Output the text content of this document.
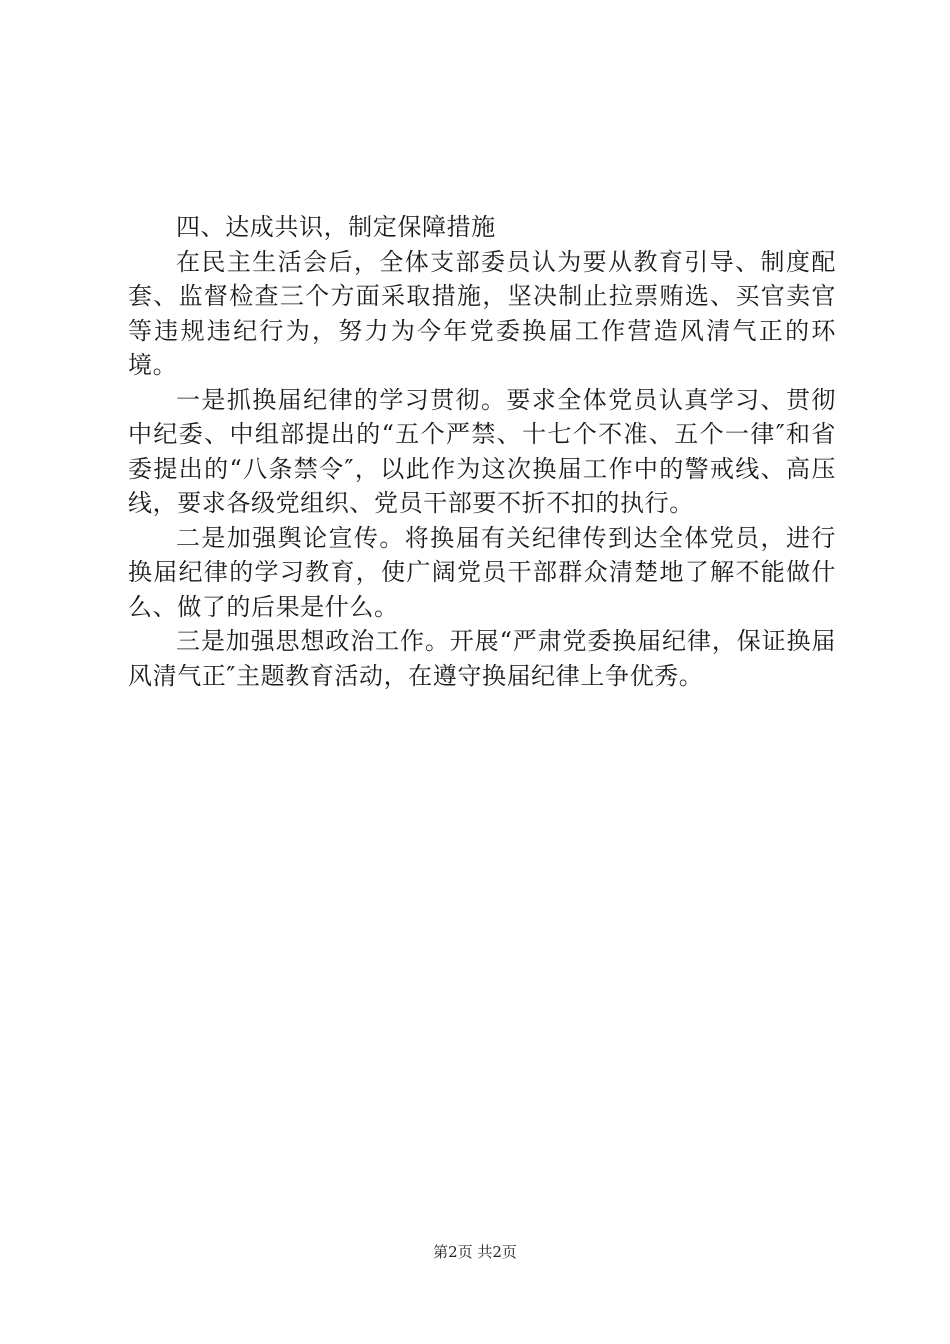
四、达成共识，制定保障措施

在民主生活会后，全体支部委员认为要从教育引导、制度配套、监督检查三个方面采取措施，坚决制止拉票贿选、买官卖官等违规违纪行为，努力为今年党委换届工作营造风清气正的环境。

一是抓换届纪律的学习贯彻。要求全体党员认真学习、贯彻中纪委、中组部提出的“五个严禁、十七个不准、五个一律″和省委提出的“八条禁令″，以此作为这次换届工作中的警戒线、高压线，要求各级党组织、党员干部要不折不扣的执行。

二是加强舆论宣传。将换届有关纪律传到达全体党员，进行换届纪律的学习教育，使广阔党员干部群众清楚地了解不能做什么、做了的后果是什么。

三是加强思想政治工作。开展“严肃党委换届纪律，保证换届风清气正″主题教育活动，在遵守换届纪律上争优秀。

第2页 共2页
